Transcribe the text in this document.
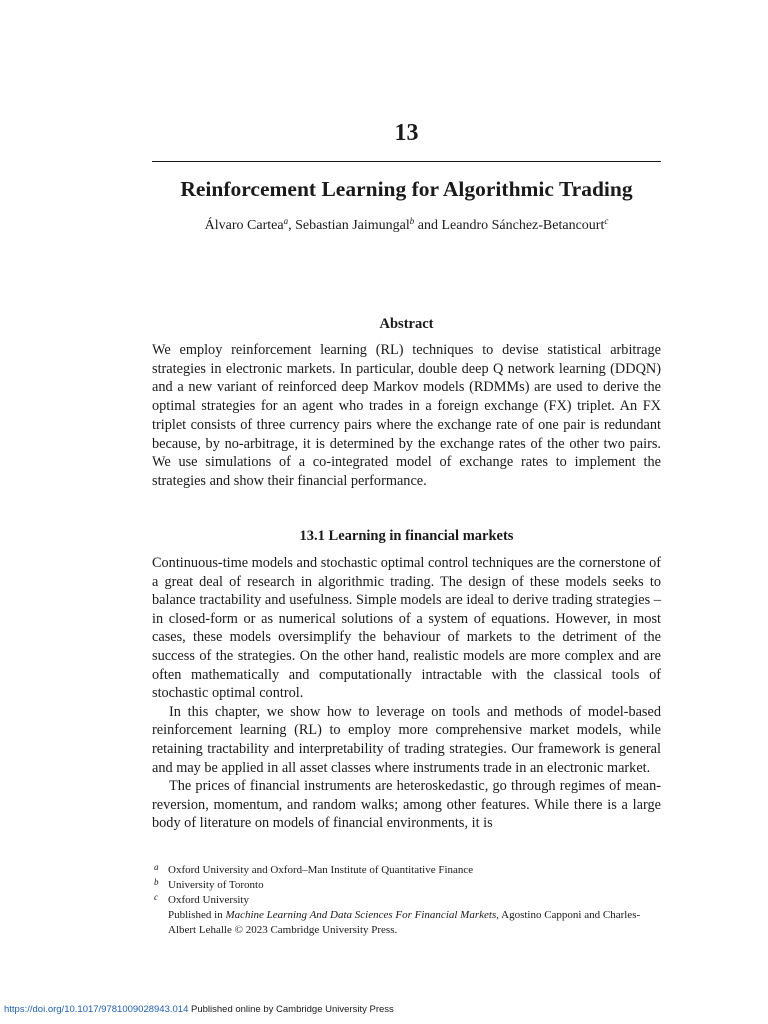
13
Reinforcement Learning for Algorithmic Trading
Álvaro Cartea$^a$, Sebastian Jaimungal$^b$ and Leandro Sánchez-Betancourt$^c$
Abstract
We employ reinforcement learning (RL) techniques to devise statistical arbitrage strategies in electronic markets. In particular, double deep Q network learning (DDQN) and a new variant of reinforced deep Markov models (RDMMs) are used to derive the optimal strategies for an agent who trades in a foreign exchange (FX) triplet. An FX triplet consists of three currency pairs where the exchange rate of one pair is redundant because, by no-arbitrage, it is determined by the exchange rates of the other two pairs. We use simulations of a co-integrated model of exchange rates to implement the strategies and show their financial performance.
13.1 Learning in financial markets

Continuous-time models and stochastic optimal control techniques are the cornerstone of a great deal of research in algorithmic trading. The design of these models seeks to balance tractability and usefulness. Simple models are ideal to derive trading strategies – in closed-form or as numerical solutions of a system of equations. However, in most cases, these models oversimplify the behaviour of markets to the detriment of the success of the strategies. On the other hand, realistic models are more complex and are often mathematically and computationally intractable with the classical tools of stochastic optimal control.

In this chapter, we show how to leverage on tools and methods of model-based reinforcement learning (RL) to employ more comprehensive market models, while retaining tractability and interpretability of trading strategies. Our framework is general and may be applied in all asset classes where instruments trade in an electronic market.

The prices of financial instruments are heteroskedastic, go through regimes of mean-reversion, momentum, and random walks; among other features. While there is a large body of literature on models of financial environments, it is

a Oxford University and Oxford–Man Institute of Quantitative Finance
b University of Toronto
c Oxford University
Published in Machine Learning And Data Sciences For Financial Markets, Agostino Capponi and Charles-Albert Lehalle © 2023 Cambridge University Press.
https://doi.org/10.1017/9781009028943.014 Published online by Cambridge University Press
